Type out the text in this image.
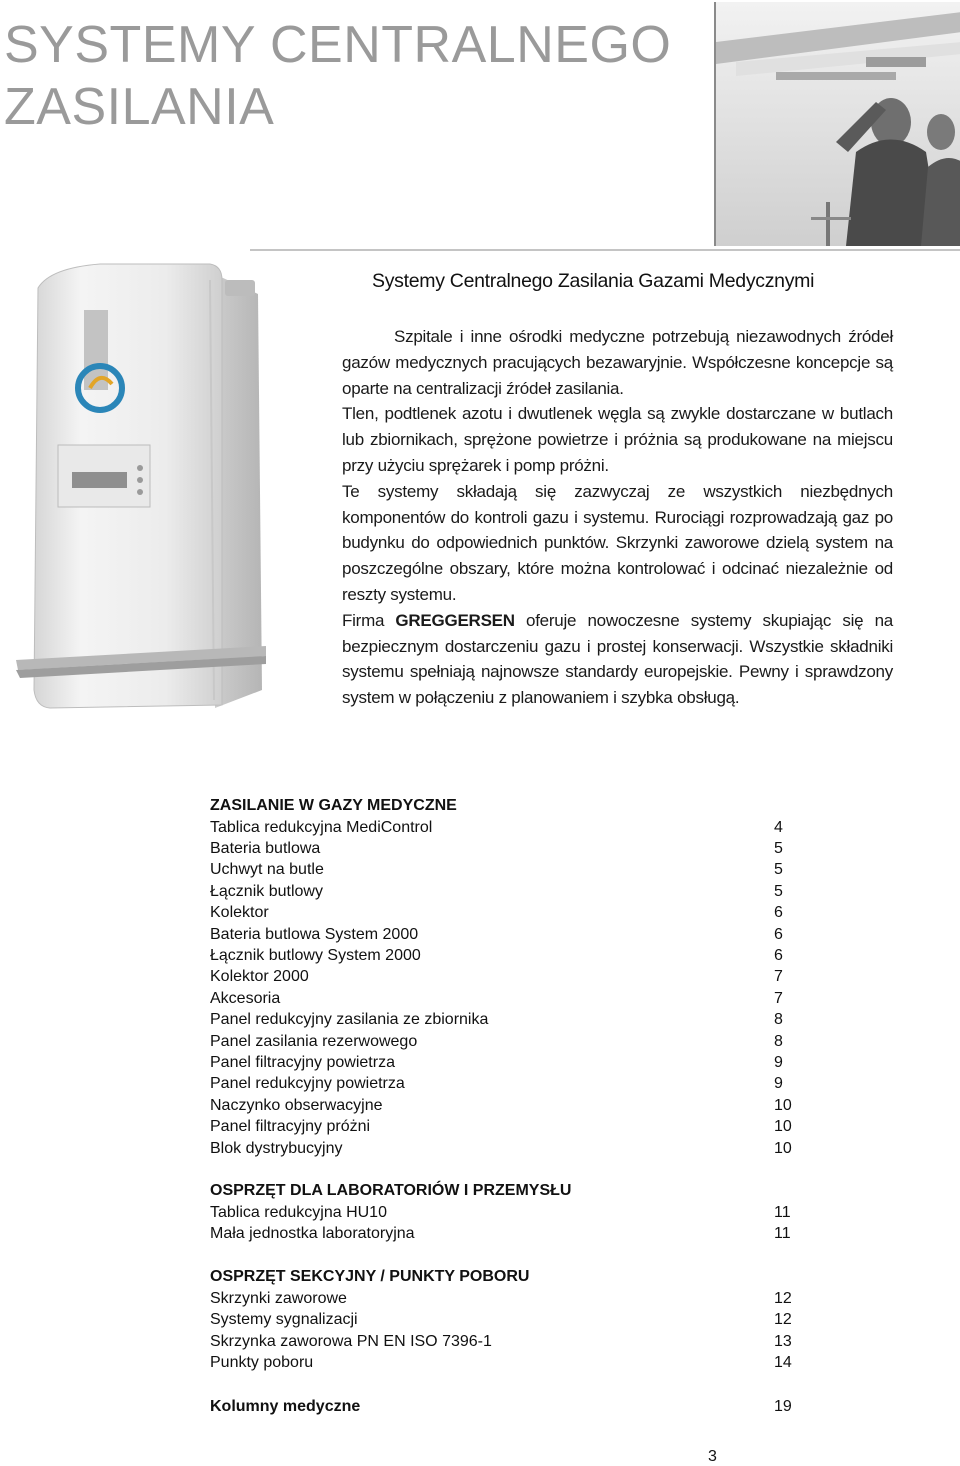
SYSTEMY CENTRALNEGO
ZASILANIA
Systemy Centralnego Zasilania Gazami Medycznymi

Szpitale i inne ośrodki medyczne potrzebują niezawodnych źródeł gazów medycznych pracujących bezawaryjnie. Współczesne koncepcje są oparte na centralizacji źródeł zasilania.

Tlen, podtlenek azotu i dwutlenek węgla są zwykle dostarczane w butlach lub zbiornikach, sprężone powietrze i próżnia są produkowane na miejscu przy użyciu sprężarek i pomp próżni.

Te systemy składają się zazwyczaj ze wszystkich niezbędnych komponentów do kontroli gazu i systemu. Rurociągi rozprowadzają gaz po budynku do odpowiednich punktów. Skrzynki zaworowe dzielą system na poszczególne obszary, które można kontrolować i odcinać niezależnie od reszty systemu.

Firma GREGGERSEN oferuje nowoczesne systemy skupiając się na bezpiecznym dostarczeniu gazu i prostej konserwacji. Wszystkie składniki systemu spełniają najnowsze standardy europejskie. Pewny i sprawdzony system w połączeniu z planowaniem i szybka obsługą.

ZASILANIE W GAZY MEDYCZNE
Tablica redukcyjna MediControl	4
Bateria butlowa	5
Uchwyt na butle	5
Łącznik butlowy	5
Kolektor	6
Bateria butlowa System 2000	6
Łącznik butlowy System 2000	6
Kolektor 2000	7
Akcesoria	7
Panel redukcyjny zasilania ze zbiornika	8
Panel zasilania rezerwowego	8
Panel filtracyjny powietrza	9
Panel redukcyjny powietrza	9
Naczynko obserwacyjne	10
Panel filtracyjny próżni	10
Blok dystrybucyjny	10
OSPRZĘT DLA LABORATORIÓW I PRZEMYSŁU
Tablica redukcyjna HU10	11
Mała jednostka laboratoryjna	11
OSPRZĘT SEKCYJNY / PUNKTY POBORU
Skrzynki zaworowe	12
Systemy sygnalizacji	12
Skrzynka zaworowa PN EN ISO 7396-1	13
Punkty poboru	14
Kolumny medyczne	19
3
